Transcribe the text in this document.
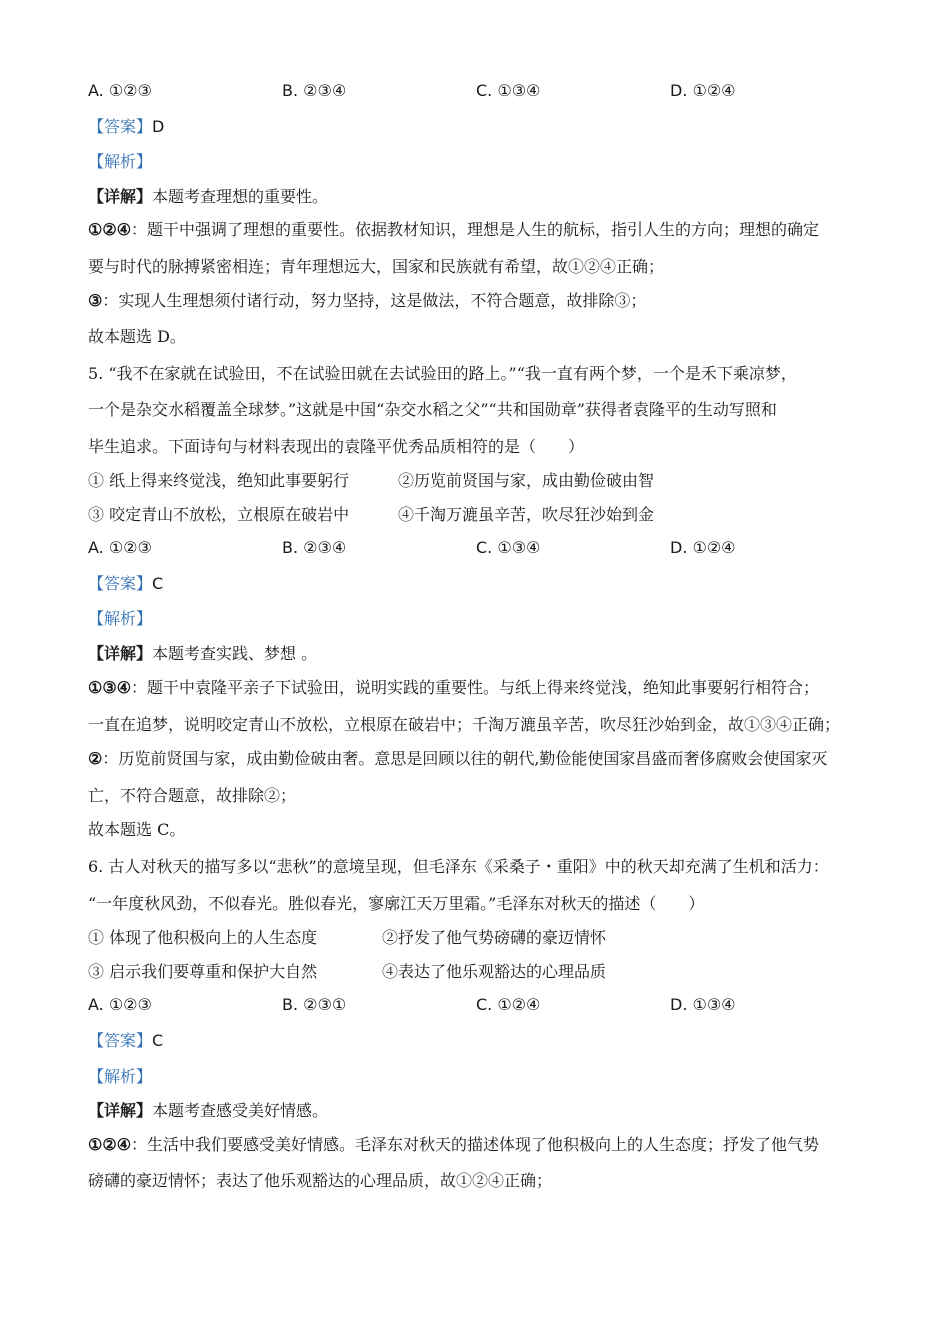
A. ①②③	B. ②③④	C. ①③④	D. ①②④
【答案】D
【解析】
【详解】本题考查理想的重要性。
①②④：题干中强调了理想的重要性。依据教材知识，理想是人生的航标，指引人生的方向；理想的确定
要与时代的脉搏紧密相连；青年理想远大，国家和民族就有希望，故①②④正确；
③：实现人生理想须付诸行动，努力坚持，这是做法，不符合题意，故排除③；
故本题选 D。
5. “我不在家就在试验田，不在试验田就在去试验田的路上。”“我一直有两个梦，一个是禾下乘凉梦，
一个是杂交水稻覆盖全球梦。”这就是中国“杂交水稻之父”“共和国勋章”获得者袁隆平的生动写照和
毕生追求。下面诗句与材料表现出的袁隆平优秀品质相符的是（　　）
① 纸上得来终觉浅，绝知此事要躬行	②历览前贤国与家，成由勤俭破由智
③ 咬定青山不放松，立根原在破岩中	④千淘万漉虽辛苦，吹尽狂沙始到金
A. ①②③	B. ②③④	C. ①③④	D. ①②④
【答案】C
【解析】
【详解】本题考查实践、梦想 。
①③④：题干中袁隆平亲子下试验田，说明实践的重要性。与纸上得来终觉浅，绝知此事要躬行相符合；
一直在追梦，说明咬定青山不放松，立根原在破岩中；千淘万漉虽辛苦，吹尽狂沙始到金，故①③④正确；
②：历览前贤国与家，成由勤俭破由奢。意思是回顾以往的朝代,勤俭能使国家昌盛而奢侈腐败会使国家灭
亡，不符合题意，故排除②；
故本题选 C。
6. 古人对秋天的描写多以“悲秋”的意境呈现，但毛泽东《采桑子・重阳》中的秋天却充满了生机和活力：
“一年度秋风劲，不似春光。胜似春光，寥廓江天万里霜。”毛泽东对秋天的描述（　　）
① 体现了他积极向上的人生态度	②抒发了他气势磅礴的豪迈情怀
③ 启示我们要尊重和保护大自然	④表达了他乐观豁达的心理品质
A. ①②③	B. ②③①	C. ①②④	D. ①③④
【答案】C
【解析】
【详解】本题考查感受美好情感。
①②④：生活中我们要感受美好情感。毛泽东对秋天的描述体现了他积极向上的人生态度；抒发了他气势
磅礴的豪迈情怀；表达了他乐观豁达的心理品质，故①②④正确；
